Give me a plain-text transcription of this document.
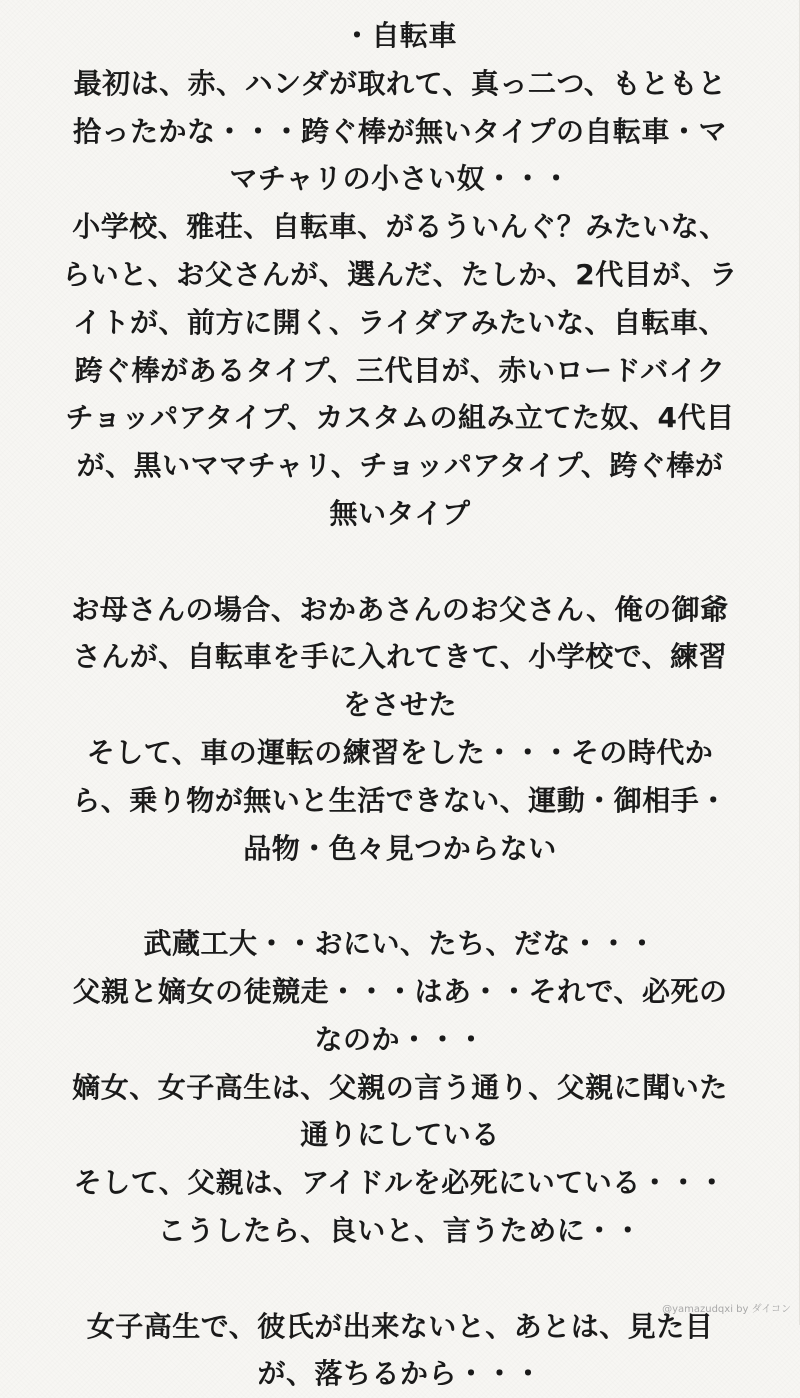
・自転車
最初は、赤、ハンダが取れて、真っ二つ、もともと
拾ったかな・・・跨ぐ棒が無いタイプの自転車・マ
マチャリの小さい奴・・・
小学校、雅荘、自転車、がるういんぐ？みたいな、
らいと、お父さんが、選んだ、たしか、2代目が、ラ
イトが、前方に開く、ライダアみたいな、自転車、
跨ぐ棒があるタイプ、三代目が、赤いロードバイク
チョッパアタイプ、カスタムの組み立てた奴、4代目
が、黒いママチャリ、チョッパアタイプ、跨ぐ棒が
無いタイプ
お母さんの場合、おかあさんのお父さん、俺の御爺
さんが、自転車を手に入れてきて、小学校で、練習
をさせた
そして、車の運転の練習をした・・・その時代か
ら、乗り物が無いと生活できない、運動・御相手・
品物・色々見つからない
武蔵工大・・おにい、たち、だな・・・
父親と嫡女の徒競走・・・はあ・・それで、必死の
なのか・・・
嫡女、女子高生は、父親の言う通り、父親に聞いた
通りにしている
そして、父親は、アイドルを必死にいている・・・
こうしたら、良いと、言うために・・
女子高生で、彼氏が出来ないと、あとは、見た目
が、落ちるから・・・
@yamazudqxi by ダイコン
